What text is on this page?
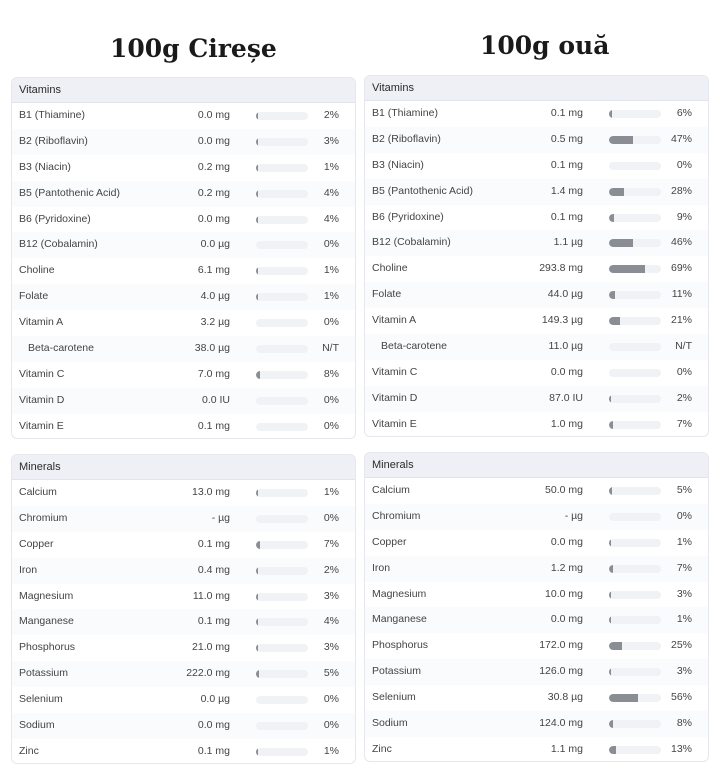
100g Cireșe	100g ouă
Vitamins
B1 (Thiamine)	0.0 mg	2%
B2 (Riboflavin)	0.0 mg	3%
B3 (Niacin)	0.2 mg	1%
B5 (Pantothenic Acid)	0.2 mg	4%
B6 (Pyridoxine)	0.0 mg	4%
B12 (Cobalamin)	0.0 µg	0%
Choline	6.1 mg	1%
Folate	4.0 µg	1%
Vitamin A	3.2 µg	0%
Beta-carotene	38.0 µg	N/T
Vitamin C	7.0 mg	8%
Vitamin D	0.0 IU	0%
Vitamin E	0.1 mg	0%
Vitamins
B1 (Thiamine)	0.1 mg	6%
B2 (Riboflavin)	0.5 mg	47%
B3 (Niacin)	0.1 mg	0%
B5 (Pantothenic Acid)	1.4 mg	28%
B6 (Pyridoxine)	0.1 mg	9%
B12 (Cobalamin)	1.1 µg	46%
Choline	293.8 mg	69%
Folate	44.0 µg	11%
Vitamin A	149.3 µg	21%
Beta-carotene	11.0 µg	N/T
Vitamin C	0.0 mg	0%
Vitamin D	87.0 IU	2%
Vitamin E	1.0 mg	7%
Minerals
Calcium	13.0 mg	1%
Chromium	- µg	0%
Copper	0.1 mg	7%
Iron	0.4 mg	2%
Magnesium	11.0 mg	3%
Manganese	0.1 mg	4%
Phosphorus	21.0 mg	3%
Potassium	222.0 mg	5%
Selenium	0.0 µg	0%
Sodium	0.0 mg	0%
Zinc	0.1 mg	1%
Minerals
Calcium	50.0 mg	5%
Chromium	- µg	0%
Copper	0.0 mg	1%
Iron	1.2 mg	7%
Magnesium	10.0 mg	3%
Manganese	0.0 mg	1%
Phosphorus	172.0 mg	25%
Potassium	126.0 mg	3%
Selenium	30.8 µg	56%
Sodium	124.0 mg	8%
Zinc	1.1 mg	13%
